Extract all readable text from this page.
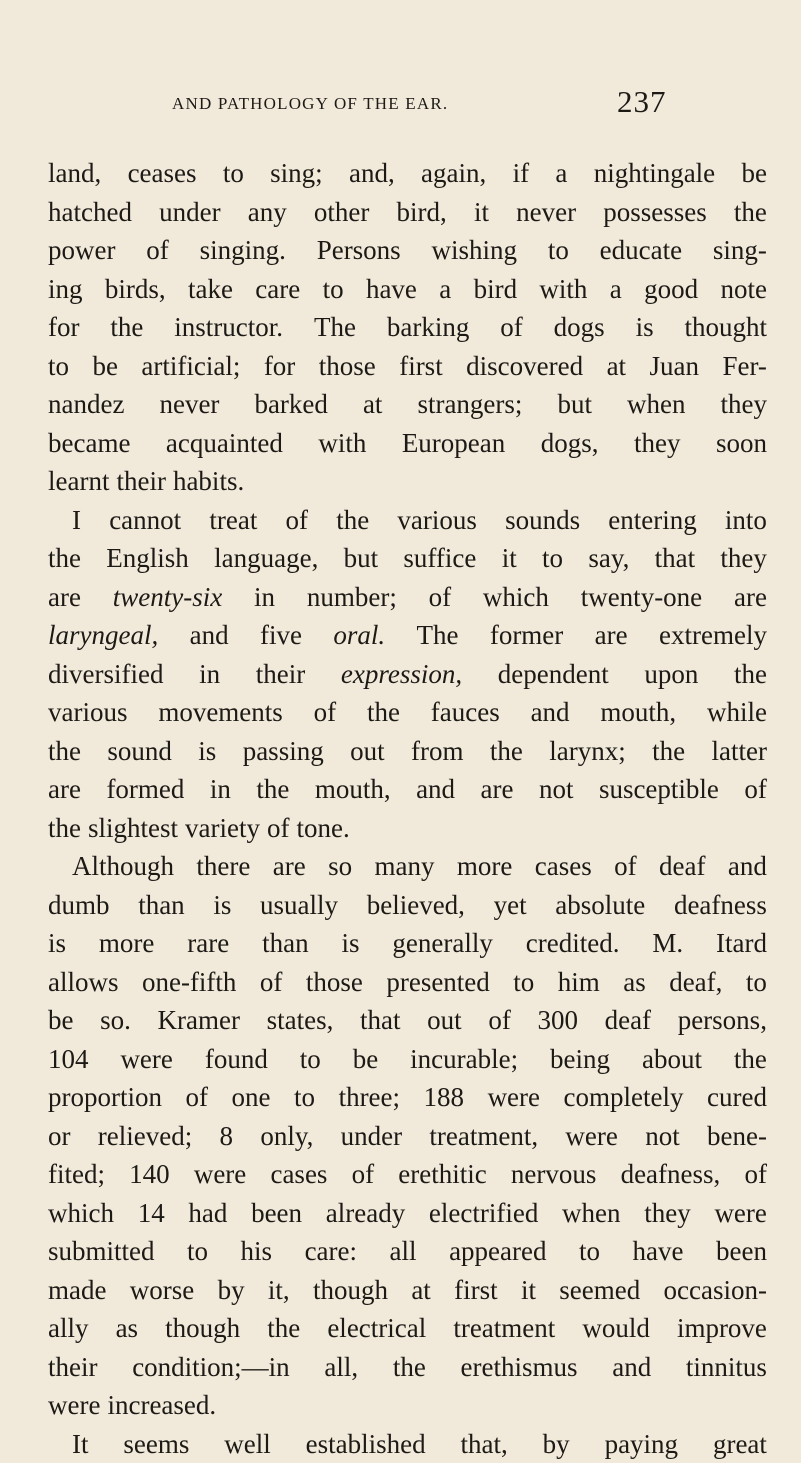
AND PATHOLOGY OF THE EAR.	237
land, ceases to sing; and, again, if a nightingale be
hatched under any other bird, it never possesses the
power of singing. Persons wishing to educate sing-
ing birds, take care to have a bird with a good note
for the instructor. The barking of dogs is thought
to be artificial; for those first discovered at Juan Fer-
nandez never barked at strangers; but when they
became acquainted with European dogs, they soon
learnt their habits.
I cannot treat of the various sounds entering into
the English language, but suffice it to say, that they
are twenty-six in number; of which twenty-one are
laryngeal, and five oral. The former are extremely
diversified in their expression, dependent upon the
various movements of the fauces and mouth, while
the sound is passing out from the larynx; the latter
are formed in the mouth, and are not susceptible of
the slightest variety of tone.
Although there are so many more cases of deaf and
dumb than is usually believed, yet absolute deafness
is more rare than is generally credited. M. Itard
allows one-fifth of those presented to him as deaf, to
be so. Kramer states, that out of 300 deaf persons,
104 were found to be incurable; being about the
proportion of one to three; 188 were completely cured
or relieved; 8 only, under treatment, were not bene-
fited; 140 were cases of erethitic nervous deafness, of
which 14 had been already electrified when they were
submitted to his care: all appeared to have been
made worse by it, though at first it seemed occasion-
ally as though the electrical treatment would improve
their condition;—in all, the erethismus and tinnitus
were increased.
It seems well established that, by paying great
